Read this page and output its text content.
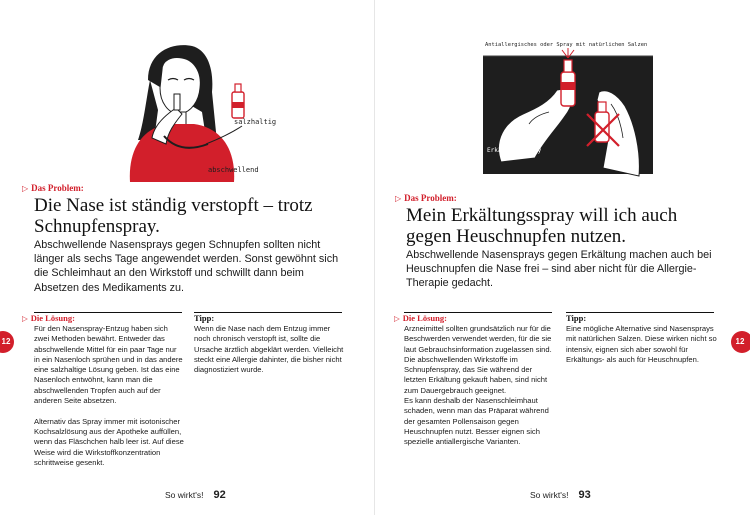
salzhaltig
abschwellend
▷ Das Problem:
Die Nase ist ständig verstopft – trotz Schnupfenspray.
Abschwellende Nasensprays gegen Schnupfen sollten nicht länger als sechs Tage angewendet werden. Sonst gewöhnt sich die Schleimhaut an den Wirkstoff und schwillt dann beim Absetzen des Medikaments zu.
▷ Die Lösung:

Für den Nasenspray-Entzug haben sich zwei Methoden bewährt. Entweder das abschwellende Mittel für ein paar Tage nur in ein Nasenloch sprühen und in das andere eine salzhaltige Lösung geben. Ist das eine Nasenloch entwöhnt, kann man die abschwellenden Tropfen auch auf der anderen Seite absetzen.

Alternativ das Spray immer mit isotonischer Kochsalzlösung aus der Apotheke auffüllen, wenn das Fläschchen halb leer ist. Auf diese Weise wird die Wirkstoffkonzentration schrittweise gesenkt.

Tipp:
Wenn die Nase nach dem Entzug immer noch chronisch verstopft ist, sollte die Ursache ärztlich abgeklärt werden. Vielleicht steckt eine Allergie dahinter, die bisher nicht diagnostiziert wurde.
12
So wirkt's! 92
Antiallergisches oder Spray mit natürlichen Salzen
Erkältungsspray
▷ Das Problem:
Mein Erkältungsspray will ich auch gegen Heuschnupfen nutzen.
Abschwellende Nasensprays gegen Erkältung machen auch bei Heuschnupfen die Nase frei – sind aber nicht für die Allergie-Therapie gedacht.
▷ Die Lösung:

Arzneimittel sollten grundsätzlich nur für die Beschwerden verwendet werden, für die sie laut Gebrauchsinformation zugelassen sind. Die abschwellenden Wirkstoffe im Schnupfenspray, das Sie während der letzten Erkältung gekauft haben, sind nicht zum Dauergebrauch geeignet.

Es kann deshalb der Nasenschleimhaut schaden, wenn man das Präparat während der gesamten Pollensaison gegen Heuschnupfen nutzt. Besser eignen sich spezielle antiallergische Varianten.

Tipp:
Eine mögliche Alternative sind Nasensprays mit natürlichen Salzen. Diese wirken nicht so intensiv, eignen sich aber sowohl für Erkältungs- als auch für Heuschnupfen.
12
So wirkt's! 93
